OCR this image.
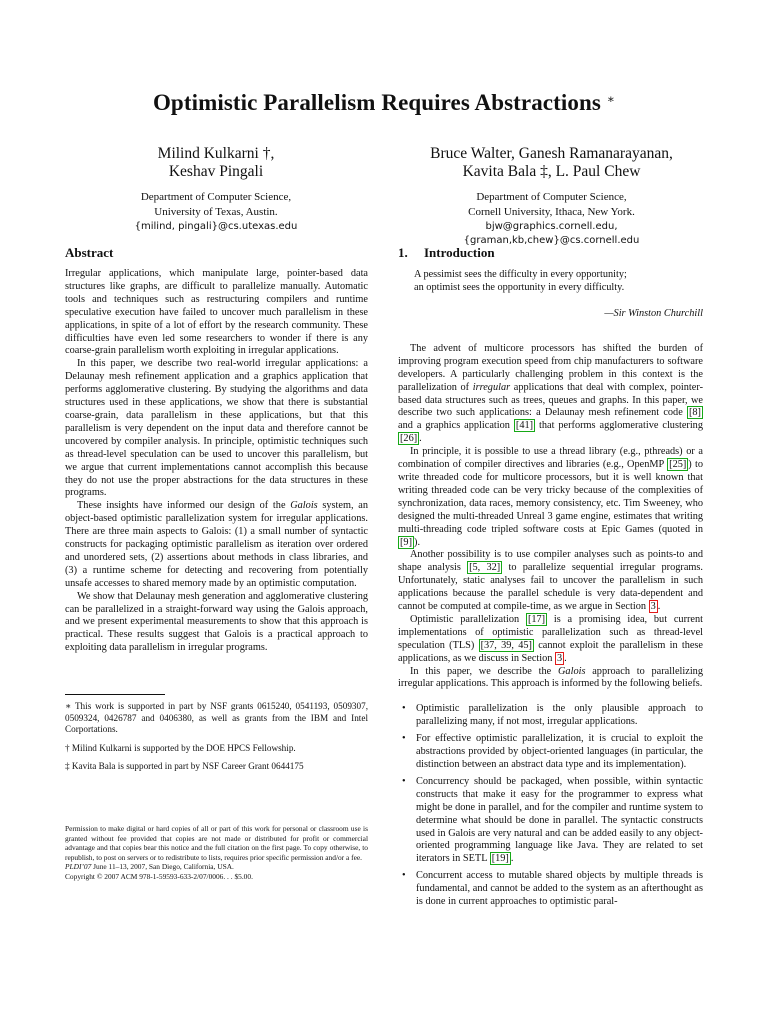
Optimistic Parallelism Requires Abstractions ∗
Milind Kulkarni †,
Keshav Pingali
Department of Computer Science,
University of Texas, Austin.
{milind, pingali}@cs.utexas.edu
Bruce Walter, Ganesh Ramanarayanan,
Kavita Bala ‡, L. Paul Chew
Department of Computer Science,
Cornell University, Ithaca, New York.
bjw@graphics.cornell.edu,
{graman,kb,chew}@cs.cornell.edu
Abstract

Irregular applications, which manipulate large, pointer-based data structures like graphs, are difficult to parallelize manually. Automatic tools and techniques such as restructuring compilers and runtime speculative execution have failed to uncover much parallelism in these applications, in spite of a lot of effort by the research community. These difficulties have even led some researchers to wonder if there is any coarse-grain parallelism worth exploiting in irregular applications.

In this paper, we describe two real-world irregular applications: a Delaunay mesh refinement application and a graphics application that performs agglomerative clustering. By studying the algorithms and data structures used in these applications, we show that there is substantial coarse-grain, data parallelism in these applications, but that this parallelism is very dependent on the input data and therefore cannot be uncovered by compiler analysis. In principle, optimistic techniques such as thread-level speculation can be used to uncover this parallelism, but we argue that current implementations cannot accomplish this because they do not use the proper abstractions for the data structures in these programs.

These insights have informed our design of the Galois system, an object-based optimistic parallelization system for irregular applications. There are three main aspects to Galois: (1) a small number of syntactic constructs for packaging optimistic parallelism as iteration over ordered and unordered sets, (2) assertions about methods in class libraries, and (3) a runtime scheme for detecting and recovering from potentially unsafe accesses to shared memory made by an optimistic computation.

We show that Delaunay mesh generation and agglomerative clustering can be parallelized in a straight-forward way using the Galois approach, and we present experimental measurements to show that this approach is practical. These results suggest that Galois is a practical approach to exploiting data parallelism in irregular programs.

∗ This work is supported in part by NSF grants 0615240, 0541193, 0509307, 0509324, 0426787 and 0406380, as well as grants from the IBM and Intel Corportations.

† Milind Kulkarni is supported by the DOE HPCS Fellowship.

‡ Kavita Bala is supported in part by NSF Career Grant 0644175

Permission to make digital or hard copies of all or part of this work for personal or classroom use is granted without fee provided that copies are not made or distributed for profit or commercial advantage and that copies bear this notice and the full citation on the first page. To copy otherwise, to republish, to post on servers or to redistribute to lists, requires prior specific permission and/or a fee.
PLDI’07 June 11–13, 2007, San Diego, California, USA.
Copyright © 2007 ACM 978-1-59593-633-2/07/0006. . . $5.00.
1. Introduction
A pessimist sees the difficulty in every opportunity;
an optimist sees the opportunity in every difficulty.
—Sir Winston Churchill

The advent of multicore processors has shifted the burden of improving program execution speed from chip manufacturers to software developers. A particularly challenging problem in this context is the parallelization of irregular applications that deal with complex, pointer-based data structures such as trees, queues and graphs. In this paper, we describe two such applications: a Delaunay mesh refinement code [8] and a graphics application [41] that performs agglomerative clustering [26] .

In principle, it is possible to use a thread library (e.g., pthreads) or a combination of compiler directives and libraries (e.g., OpenMP [25] ) to write threaded code for multicore processors, but it is well known that writing threaded code can be very tricky because of the complexities of synchronization, data races, memory consistency, etc. Tim Sweeney, who designed the multi-threaded Unreal 3 game engine, estimates that writing multi-threading code tripled software costs at Epic Games (quoted in [9] ).

Another possibility is to use compiler analyses such as points-to and shape analysis [5, 32] to parallelize sequential irregular programs. Unfortunately, static analyses fail to uncover the parallelism in such applications because the parallel schedule is very data-dependent and cannot be computed at compile-time, as we argue in Section 3 .

Optimistic parallelization [17] is a promising idea, but current implementations of optimistic parallelization such as thread-level speculation (TLS) [37, 39, 45] cannot exploit the parallelism in these applications, as we discuss in Section 3 .

In this paper, we describe the Galois approach to parallelizing irregular applications. This approach is informed by the following beliefs.

• Optimistic parallelization is the only plausible approach to parallelizing many, if not most, irregular applications.
• For effective optimistic parallelization, it is crucial to exploit the abstractions provided by object-oriented languages (in particular, the distinction between an abstract data type and its implementation).
• Concurrency should be packaged, when possible, within syntactic constructs that make it easy for the programmer to express what might be done in parallel, and for the compiler and runtime system to determine what should be done in parallel. The syntactic constructs used in Galois are very natural and can be added easily to any object-oriented programming language like Java. They are related to set iterators in SETL [19] .
• Concurrent access to mutable shared objects by multiple threads is fundamental, and cannot be added to the system as an afterthought as is done in current approaches to optimistic paral-
